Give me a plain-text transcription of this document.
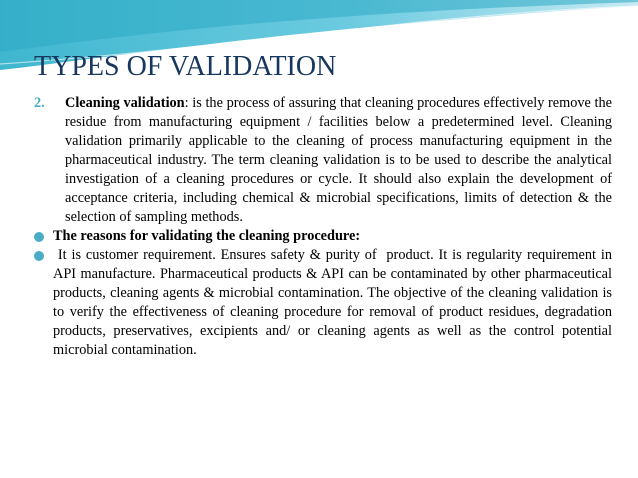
TYPES OF VALIDATION
2. Cleaning validation: is the process of assuring that cleaning procedures effectively remove the residue from manufacturing equipment / facilities below a predetermined level. Cleaning validation primarily applicable to the cleaning of process manufacturing equipment in the pharmaceutical industry. The term cleaning validation is to be used to describe the analytical investigation of a cleaning procedures or cycle. It should also explain the development of acceptance criteria, including chemical & microbial specifications, limits of detection & the selection of sampling methods.
The reasons for validating the cleaning procedure:
It is customer requirement. Ensures safety & purity of  product. It is regularity requirement in API manufacture. Pharmaceutical products & API can be contaminated by other pharmaceutical products, cleaning agents & microbial contamination. The objective of the cleaning validation is to verify the effectiveness of cleaning procedure for removal of product residues, degradation products, preservatives, excipients and/ or cleaning agents as well as the control potential microbial contamination.
